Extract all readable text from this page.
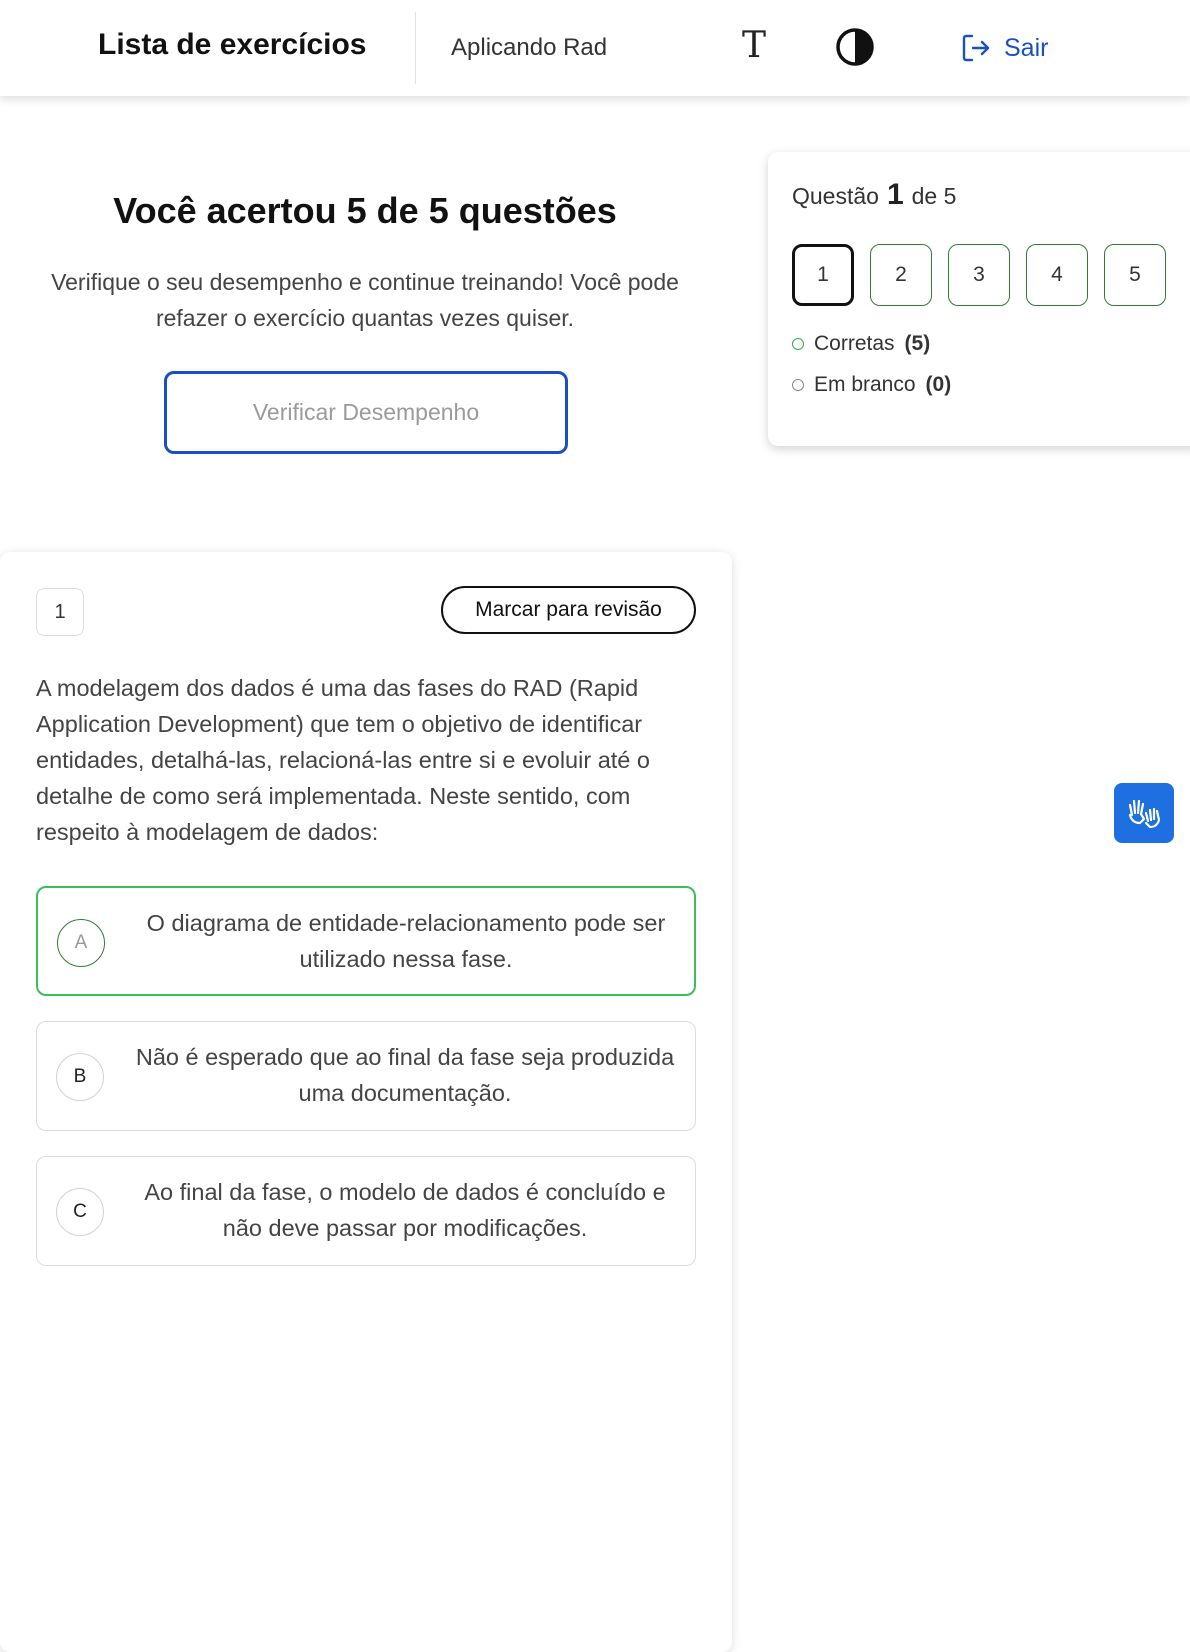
Lista de exercícios	Aplicando Rad	T	Sair
Você acertou 5 de 5 questões
Verifique o seu desempenho e continue treinando! Você pode refazer o exercício quantas vezes quiser.
Verificar Desempenho
Questão 1 de 5
1	2	3	4	5
Corretas (5)
Em branco (0)
1	Marcar para revisão
A modelagem dos dados é uma das fases do RAD (Rapid Application Development) que tem o objetivo de identificar entidades, detalhá-las, relacioná-las entre si e evoluir até o detalhe de como será implementada. Neste sentido, com respeito à modelagem de dados:
A
O diagrama de entidade-relacionamento pode ser utilizado nessa fase.
B
Não é esperado que ao final da fase seja produzida uma documentação.
C
Ao final da fase, o modelo de dados é concluído e não deve passar por modificações.
